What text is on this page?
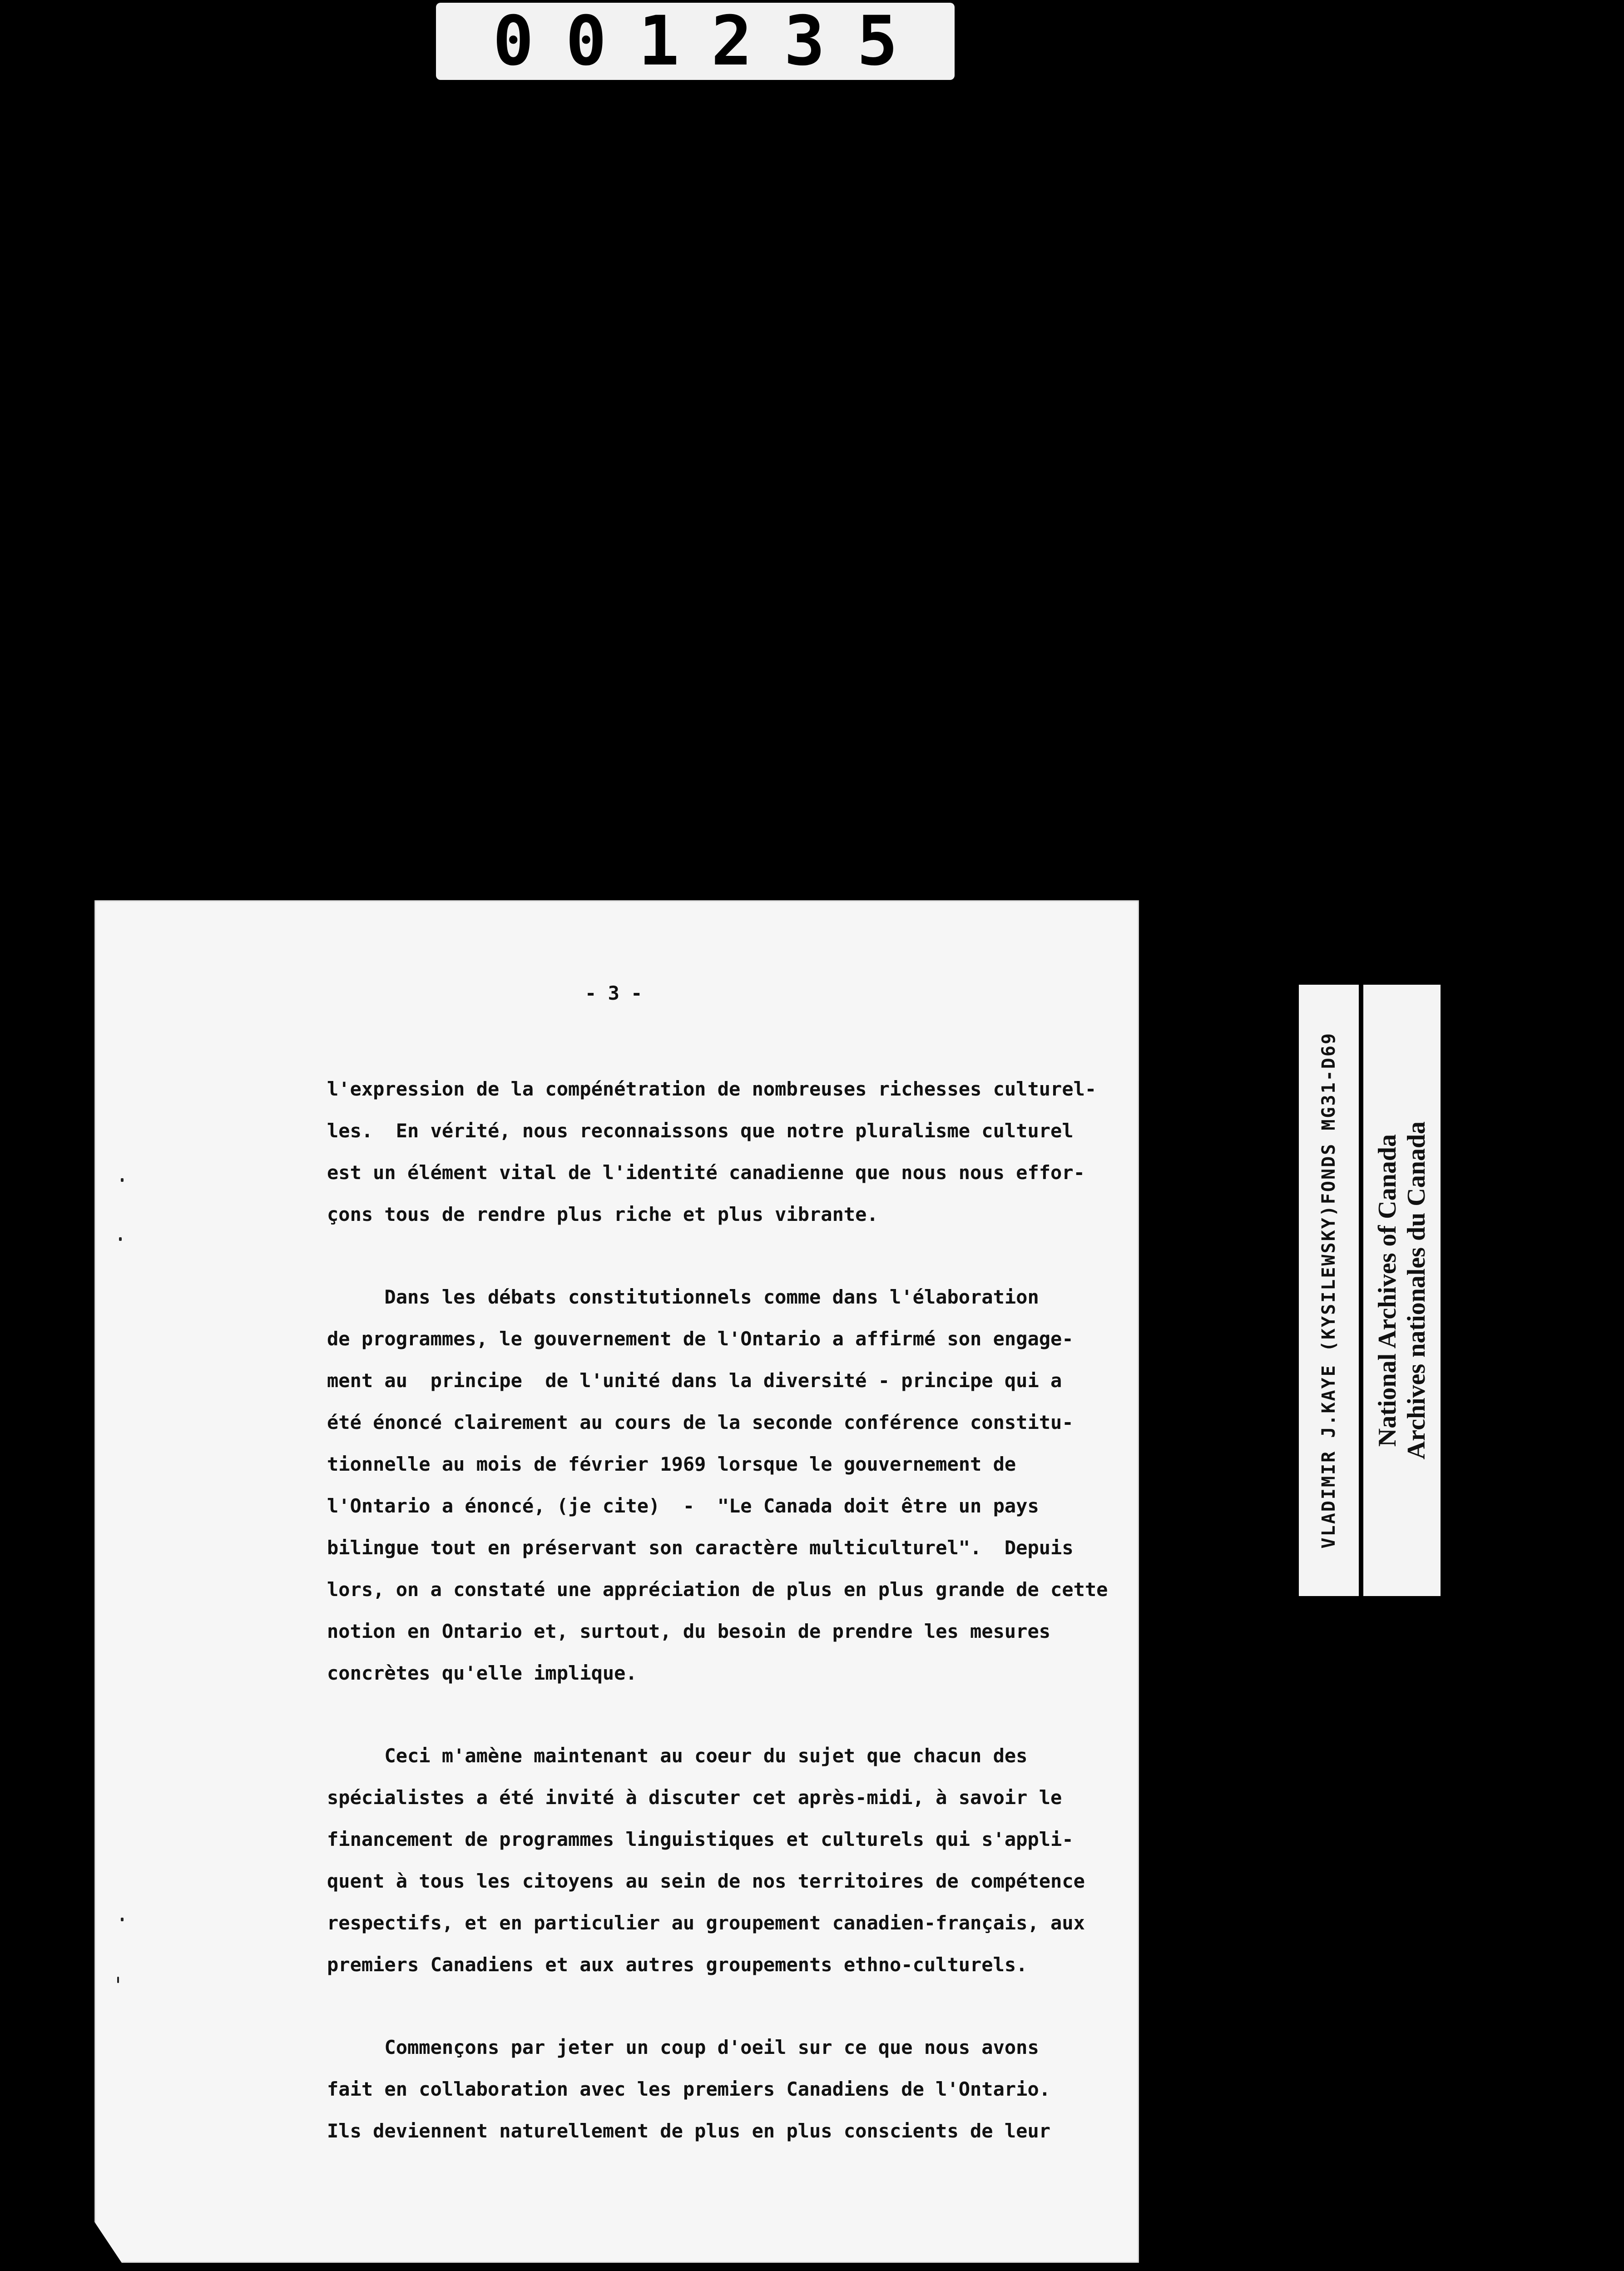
001235
- 3 -
l'expression de la compénétration de nombreuses richesses culturel-
les.  En vérité, nous reconnaissons que notre pluralisme culturel
est un élément vital de l'identité canadienne que nous nous effor-
çons tous de rendre plus riche et plus vibrante.
Dans les débats constitutionnels comme dans l'élaboration
de programmes, le gouvernement de l'Ontario a affirmé son engage-
ment au  principe  de l'unité dans la diversité - principe qui a
été énoncé clairement au cours de la seconde conférence constitu-
tionnelle au mois de février 1969 lorsque le gouvernement de
l'Ontario a énoncé, (je cite)  -  "Le Canada doit être un pays
bilingue tout en préservant son caractère multiculturel".  Depuis
lors, on a constaté une appréciation de plus en plus grande de cette
notion en Ontario et, surtout, du besoin de prendre les mesures
concrètes qu'elle implique.
Ceci m'amène maintenant au coeur du sujet que chacun des
spécialistes a été invité à discuter cet après-midi, à savoir le
financement de programmes linguistiques et culturels qui s'appli-
quent à tous les citoyens au sein de nos territoires de compétence
respectifs, et en particulier au groupement canadien-français, aux
premiers Canadiens et aux autres groupements ethno-culturels.
Commençons par jeter un coup d'oeil sur ce que nous avons
fait en collaboration avec les premiers Canadiens de l'Ontario.
Ils deviennent naturellement de plus en plus conscients de leur
VLADIMIR J.KAYE (KYSILEWSKY)FONDS MG31-D69 National Archives of Canada Archives nationales du Canada
